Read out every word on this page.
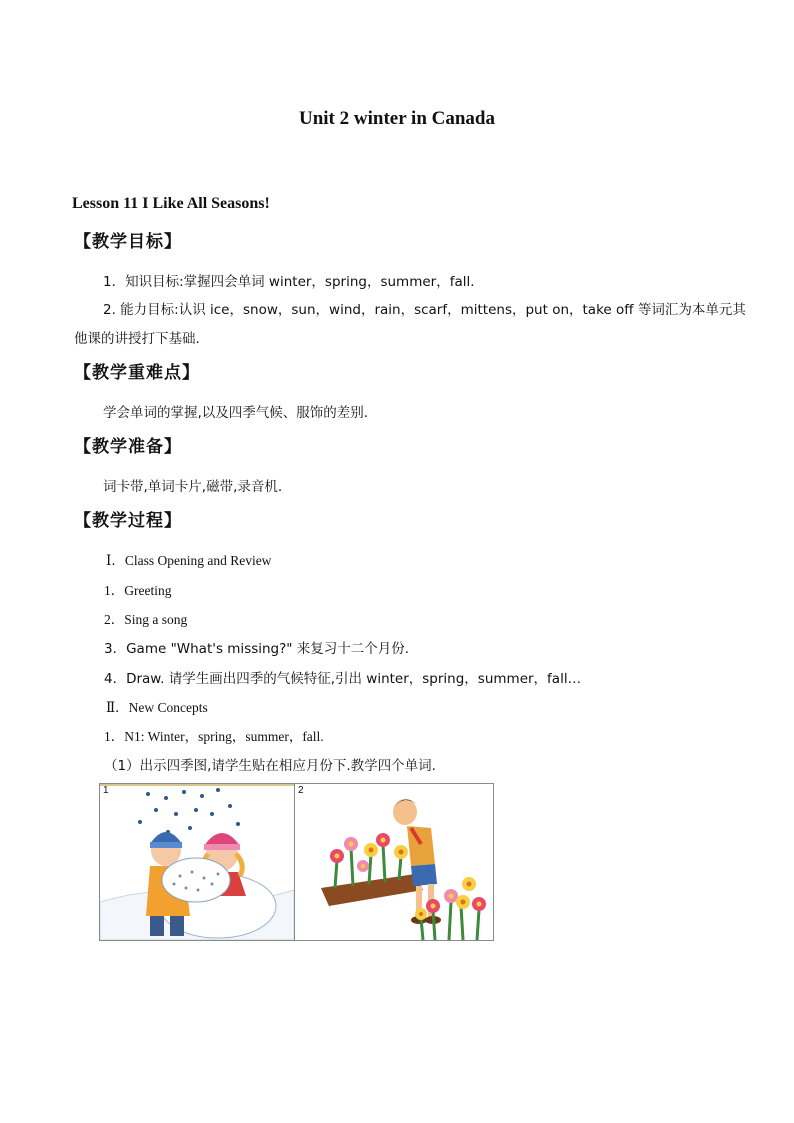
Unit 2 winter in Canada
Lesson 11 I Like All Seasons!
【教学目标】
1．知识目标:掌握四会单词 winter，spring，summer，fall.
2. 能力目标:认识 ice，snow，sun，wind，rain，scarf，mittens，put on，take off 等词汇为本单元其
他课的讲授打下基础.
【教学重难点】
学会单词的掌握,以及四季气候、服饰的差别.
【教学准备】
词卡带,单词卡片,磁带,录音机.
【教学过程】
Ⅰ．Class Opening and Review
1．Greeting
2．Sing a song
3．Game "What's missing?" 来复习十二个月份.
4．Draw. 请学生画出四季的气候特征,引出 winter，spring，summer，fall…
Ⅱ．New Concepts
1．N1: Winter，spring，summer，fall.
（1）出示四季图,请学生贴在相应月份下.教学四个单词.
1	2
